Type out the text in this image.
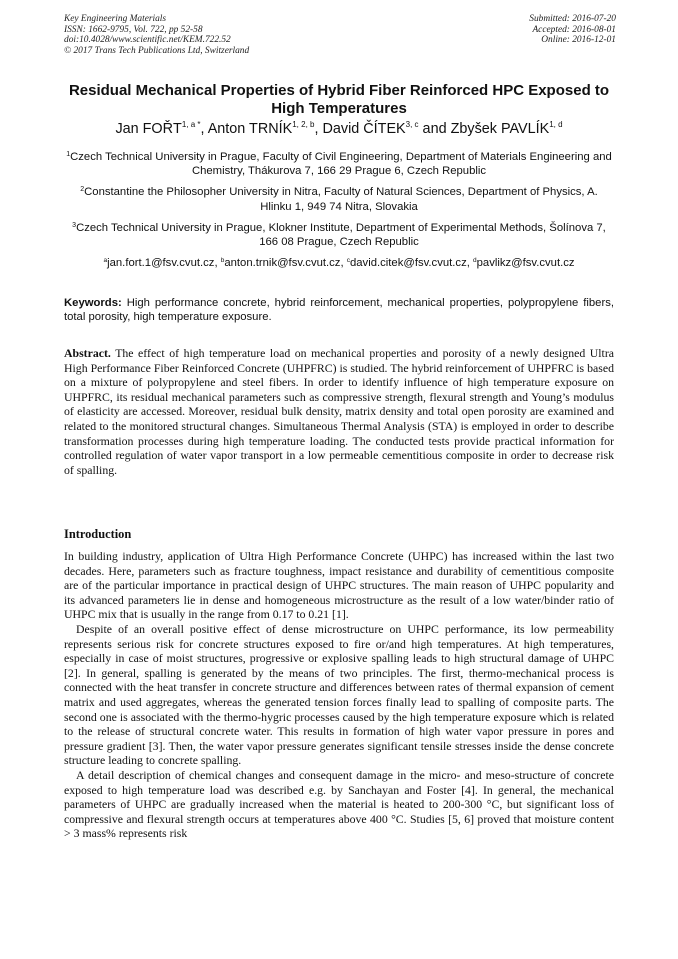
Key Engineering Materials
ISSN: 1662-9795, Vol. 722, pp 52-58
doi:10.4028/www.scientific.net/KEM.722.52
© 2017 Trans Tech Publications Ltd, Switzerland
Submitted: 2016-07-20
Accepted: 2016-08-01
Online: 2016-12-01
Residual Mechanical Properties of Hybrid Fiber Reinforced HPC Exposed to High Temperatures
Jan $FOŘT^{1, a *}$, Anton TRNÍK$^{1, 2, b}$, David ČÍTEK$^{3, c}$ and Zbyšek PAVLÍK$^{1, d}$
$^1$Czech Technical University in Prague, Faculty of Civil Engineering, Department of Materials Engineering and Chemistry, Thákurova 7, 166 29 Prague 6, Czech Republic
$^2$Constantine the Philosopher University in Nitra, Faculty of Natural Sciences, Department of Physics, A. Hlinku 1, 949 74 Nitra, Slovakia
$^3$Czech Technical University in Prague, Klokner Institute, Department of Experimental Methods, Šolínova 7, 166 08 Prague, Czech Republic
$^a$jan.fort.1@fsv.cvut.cz, $^b$anton.trnik@fsv.cvut.cz, $^c$david.citek@fsv.cvut.cz, $^d$pavlikz@fsv.cvut.cz
Keywords: High performance concrete, hybrid reinforcement, mechanical properties, polypropylene fibers, total porosity, high temperature exposure.
Abstract. The effect of high temperature load on mechanical properties and porosity of a newly designed Ultra High Performance Fiber Reinforced Concrete (UHPFRC) is studied. The hybrid reinforcement of UHPFRC is based on a mixture of polypropylene and steel fibers. In order to identify influence of high temperature exposure on UHPFRC, its residual mechanical parameters such as compressive strength, flexural strength and Young’s modulus of elasticity are accessed. Moreover, residual bulk density, matrix density and total open porosity are examined and related to the monitored structural changes. Simultaneous Thermal Analysis (STA) is employed in order to describe transformation processes during high temperature loading. The conducted tests provide practical information for controlled regulation of water vapor transport in a low permeable cementitious composite in order to decrease risk of spalling.
Introduction

In building industry, application of Ultra High Performance Concrete (UHPC) has increased within the last two decades. Here, parameters such as fracture toughness, impact resistance and durability of cementitious composite are of the particular importance in practical design of UHPC structures. The main reason of UHPC popularity and its advanced parameters lie in dense and homogeneous microstructure as the result of a low water/binder ratio of UHPC mix that is usually in the range from 0.17 to 0.21 [1].

Despite of an overall positive effect of dense microstructure on UHPC performance, its low permeability represents serious risk for concrete structures exposed to fire or/and high temperatures. At high temperatures, especially in case of moist structures, progressive or explosive spalling leads to high structural damage of UHPC [2]. In general, spalling is generated by the means of two principles. The first, thermo-mechanical process is connected with the heat transfer in concrete structure and differences between rates of thermal expansion of cement matrix and used aggregates, whereas the generated tension forces finally lead to spalling of composite parts. The second one is associated with the thermo-hygric processes caused by the high temperature exposure which is related to the release of structural concrete water. This results in formation of high water vapor pressure in pores and pressure gradient [3]. Then, the water vapor pressure generates significant tensile stresses inside the dense concrete structure leading to concrete spalling.

A detail description of chemical changes and consequent damage in the micro- and meso-structure of concrete exposed to high temperature load was described e.g. by Sanchayan and Foster [4]. In general, the mechanical parameters of UHPC are gradually increased when the material is heated to 200-300 °C, but significant loss of compressive and flexural strength occurs at temperatures above 400 °C. Studies [5, 6] proved that moisture content > 3 mass% represents risk
